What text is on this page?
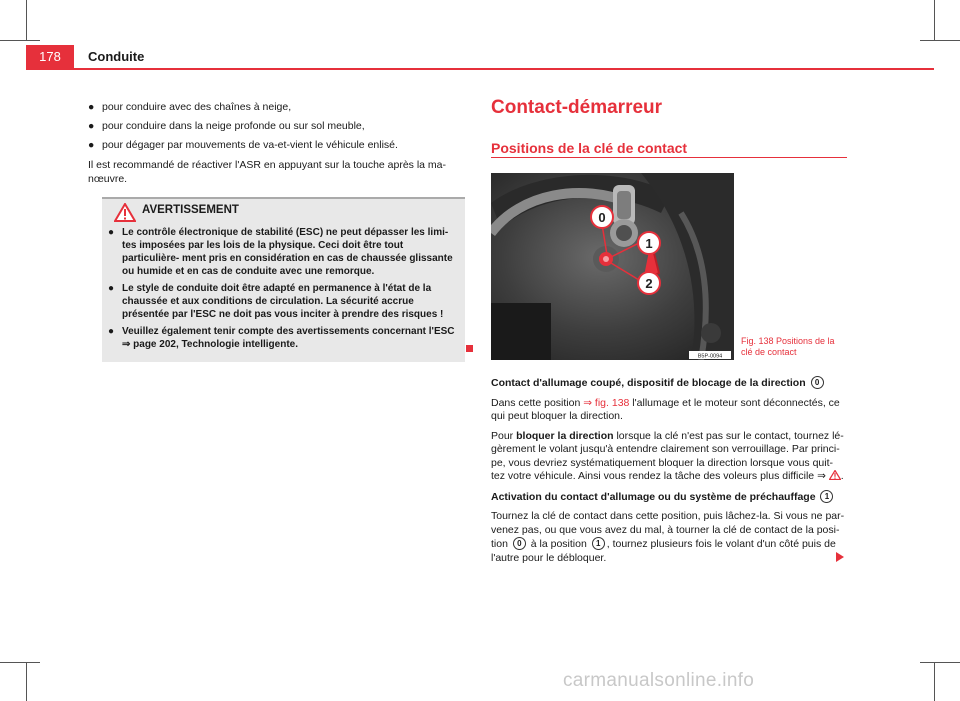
178	Conduite
● pour conduire avec des chaînes à neige,
● pour conduire dans la neige profonde ou sur sol meuble,
● pour dégager par mouvements de va-et-vient le véhicule enlisé.
Il est recommandé de réactiver l'ASR en appuyant sur la touche après la ma-
nœuvre.
AVERTISSEMENT
● Le contrôle électronique de stabilité (ESC) ne peut dépasser les limi- tes imposées par les lois de la physique. Ceci doit être tout particulière- ment pris en considération en cas de chaussée glissante ou humide et en cas de conduite avec une remorque.
● Le style de conduite doit être adapté en permanence à l'état de la chaussée et aux conditions de circulation. La sécurité accrue présentée par l'ESC ne doit pas vous inciter à prendre des risques !
● Veuillez également tenir compte des avertissements concernant l'ESC ⇒ page 202, Technologie intelligente.
Contact-démarreur
Positions de la clé de contact
0
1
2
B5P-0094
Fig. 138 Positions de la clé de contact

Contact d'allumage coupé, dispositif de blocage de la direction 0

Dans cette position ⇒ fig. 138 l'allumage et le moteur sont déconnectés, ce qui peut bloquer la direction.

Pour bloquer la direction lorsque la clé n'est pas sur le contact, tournez lé- gèrement le volant jusqu'à entendre clairement son verrouillage. Par princi- pe, vous devriez systématiquement bloquer la direction lorsque vous quit- tez votre véhicule. Ainsi vous rendez la tâche des voleurs plus difficile ⇒ .

Activation du contact d'allumage ou du système de préchauffage 1

Tournez la clé de contact dans cette position, puis lâchez-la. Si vous ne par- venez pas, ou que vous avez du mal, à tourner la clé de contact de la posi- tion 0 à la position 1 , tournez plusieurs fois le volant d'un côté puis de l'autre pour le débloquer.

carmanualsonline.info
